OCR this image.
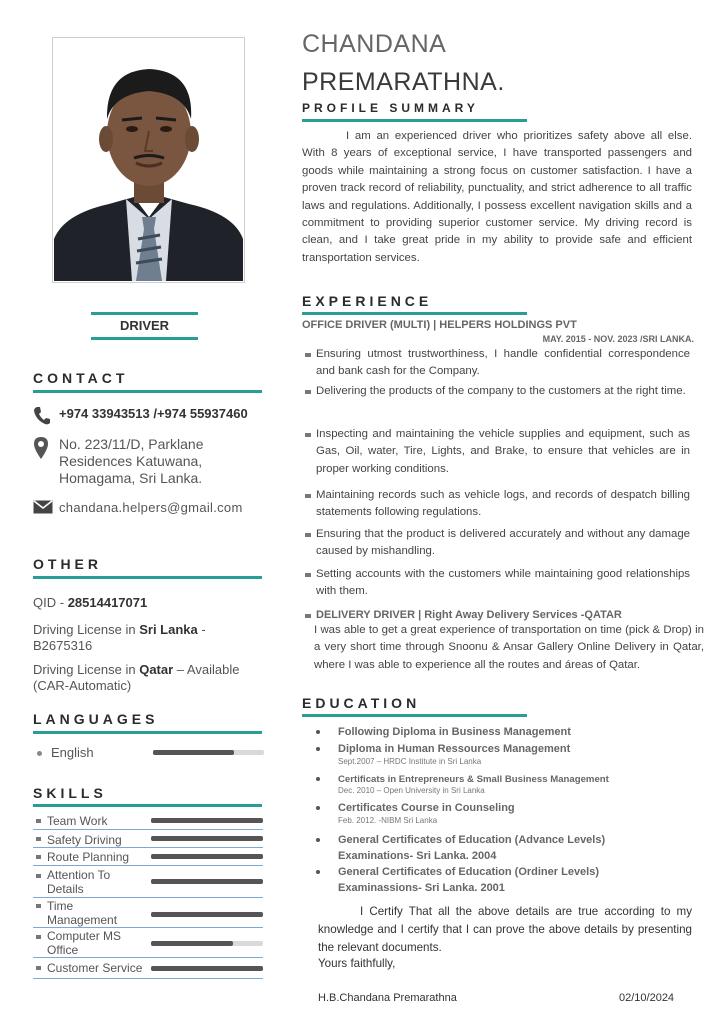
DRIVER
CONTACT
+974 33943513 /+974 55937460
No. 223/11/D, Parklane Residences Katuwana, Homagama, Sri Lanka.
chandana.helpers@gmail.com
OTHER
QID - 28514417071
Driving License in Sri Lanka - B2675316
Driving License in Qatar – Available (CAR-Automatic)
LANGUAGES
English
SKILLS
Team Work
Safety Driving
Route Planning
Attention To Details
Time Management
Computer MS Office
Customer Service
CHANDANA
PREMARATHNA.
PROFILE SUMMARY
I am an experienced driver who prioritizes safety above all else. With 8 years of exceptional service, I have transported passengers and goods while maintaining a strong focus on customer satisfaction. I have a proven track record of reliability, punctuality, and strict adherence to all traffic laws and regulations. Additionally, I possess excellent navigation skills and a commitment to providing superior customer service. My driving record is clean, and I take great pride in my ability to provide safe and efficient transportation services.
EXPERIENCE
OFFICE DRIVER (MULTI) | HELPERS HOLDINGS PVT
MAY. 2015 - NOV. 2023 /SRI LANKA.
Ensuring utmost trustworthiness, I handle confidential correspondence and bank cash for the Company.
Delivering the products of the company to the customers at the right time.
Inspecting and maintaining the vehicle supplies and equipment, such as Gas, Oil, water, Tire, Lights, and Brake, to ensure that vehicles are in proper working conditions.
Maintaining records such as vehicle logs, and records of despatch billing statements following regulations.
Ensuring that the product is delivered accurately and without any damage caused by mishandling.
Setting accounts with the customers while maintaining good relationships with them.
DELIVERY DRIVER | Right Away Delivery Services -QATAR
I was able to get a great experience of transportation on time (pick & Drop) in a very short time through Snoonu & Ansar Gallery Online Delivery in Qatar, where I was able to experience all the routes and áreas of Qatar.
EDUCATION
Following Diploma in Business Management
Diploma in Human Ressources Management
Sept.2007 – HRDC Institute in Sri Lanka
Certificats in Entrepreneurs & Small Business Management
Dec. 2010 – Open University in Sri Lanka
Certificates Course in Counseling
Feb. 2012. -NIBM Sri Lanka
General Certificates of Education (Advance Levels) Examinations- Sri Lanka. 2004
General Certificates of Education (Ordiner Levels) Examinassions- Sri Lanka. 2001
I Certify That all the above details are true according to my knowledge and I certify that I can prove the above details by presenting the relevant documents.
Yours faithfully,
H.B.Chandana Premarathna	02/10/2024
